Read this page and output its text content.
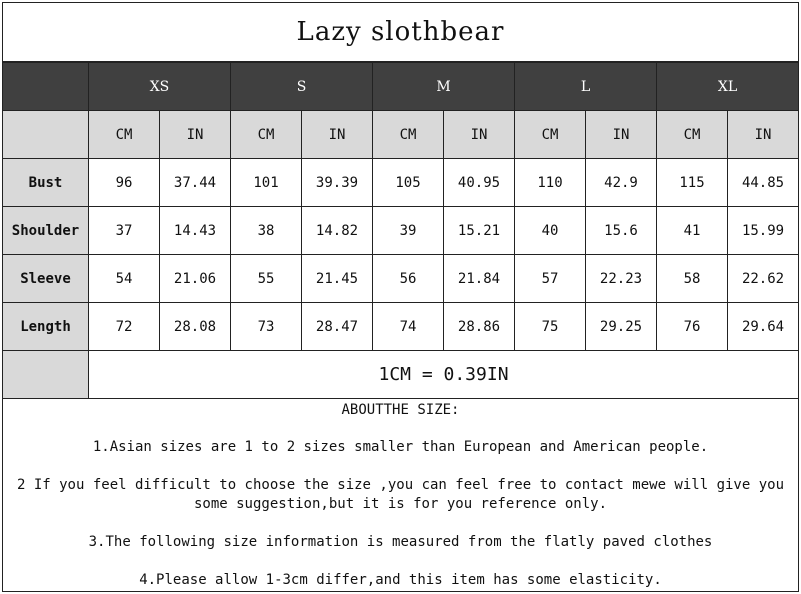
Lazy slothbear
	XS		S		M		L		XL	
	CM	IN	CM	IN	CM	IN	CM	IN	CM	IN
Bust	96	37.44	101	39.39	105	40.95	110	42.9	115	44.85
Shoulder	37	14.43	38	14.82	39	15.21	40	15.6	41	15.99
Sleeve	54	21.06	55	21.45	56	21.84	57	22.23	58	22.62
Length	72	28.08	73	28.47	74	28.86	75	29.25	76	29.64
	1CM = 0.39IN									
ABOUTTHE SIZE:

1.Asian sizes are 1 to 2 sizes smaller than European and American people.

2 If you feel difficult to choose the size ,you can feel free to contact mewe will give you some suggestion,but it is for you reference only.

3.The following size information is measured from the flatly paved clothes

4.Please allow 1-3cm differ,and this item has some elasticity.
